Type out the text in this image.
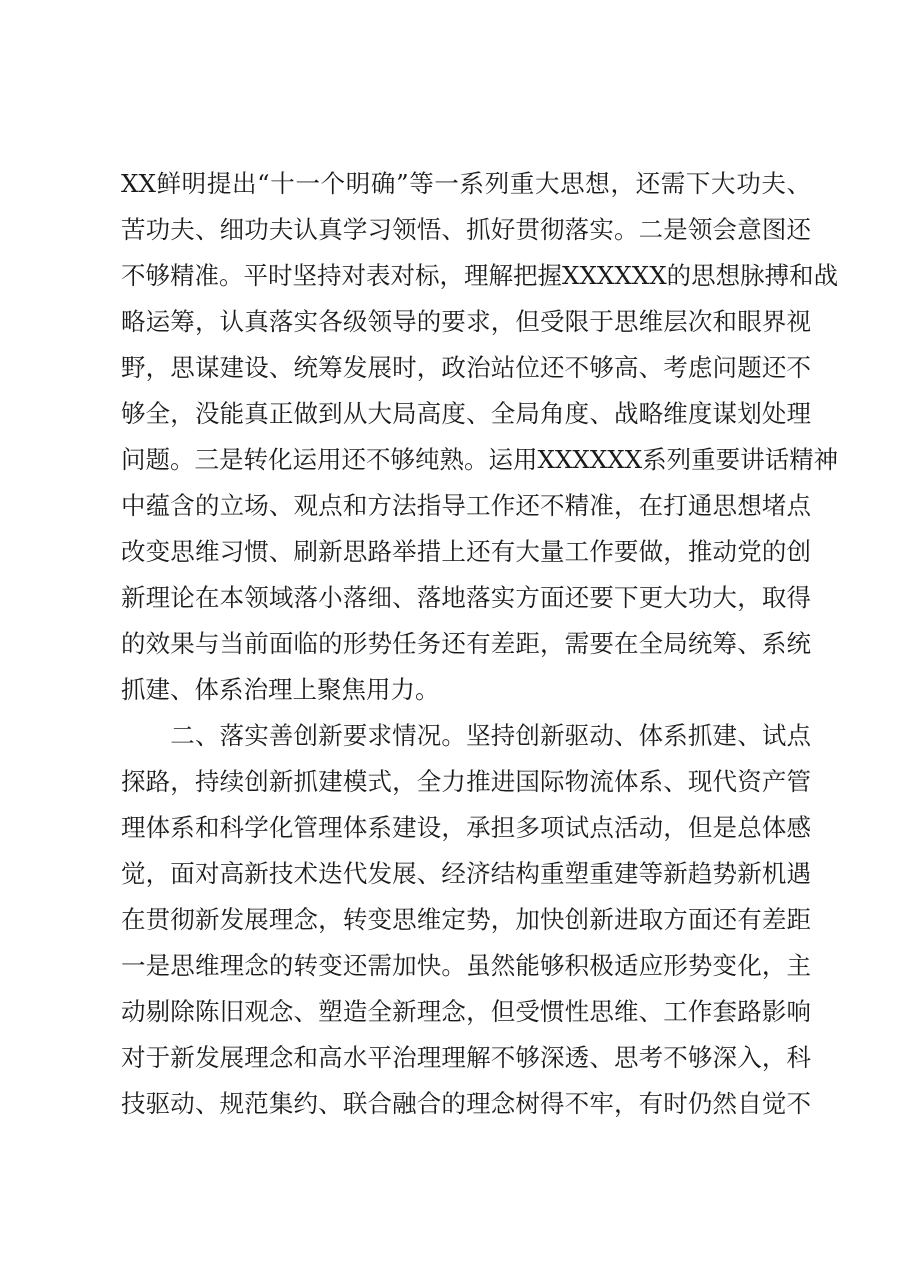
XX鲜明提出“十一个明确”等一系列重大思想，还需下大功夫、
苦功夫、细功夫认真学习领悟、抓好贯彻落实。二是领会意图还
不够精准。平时坚持对表对标，理解把握XXXXXX的思想脉搏和战
略运筹，认真落实各级领导的要求，但受限于思维层次和眼界视
野，思谋建设、统筹发展时，政治站位还不够高、考虑问题还不
够全，没能真正做到从大局高度、全局角度、战略维度谋划处理
问题。三是转化运用还不够纯熟。运用XXXXXX系列重要讲话精神
中蕴含的立场、观点和方法指导工作还不精准，在打通思想堵点
改变思维习惯、刷新思路举措上还有大量工作要做，推动党的创
新理论在本领域落小落细、落地落实方面还要下更大功大，取得
的效果与当前面临的形势任务还有差距，需要在全局统筹、系统
抓建、体系治理上聚焦用力。
　　二、落实善创新要求情况。坚持创新驱动、体系抓建、试点
探路，持续创新抓建模式，全力推进国际物流体系、现代资产管
理体系和科学化管理体系建设，承担多项试点活动，但是总体感
觉，面对高新技术迭代发展、经济结构重塑重建等新趋势新机遇
在贯彻新发展理念，转变思维定势，加快创新进取方面还有差距
一是思维理念的转变还需加快。虽然能够积极适应形势变化，主
动剔除陈旧观念、塑造全新理念，但受惯性思维、工作套路影响
对于新发展理念和高水平治理理解不够深透、思考不够深入，科
技驱动、规范集约、联合融合的理念树得不牢，有时仍然自觉不
